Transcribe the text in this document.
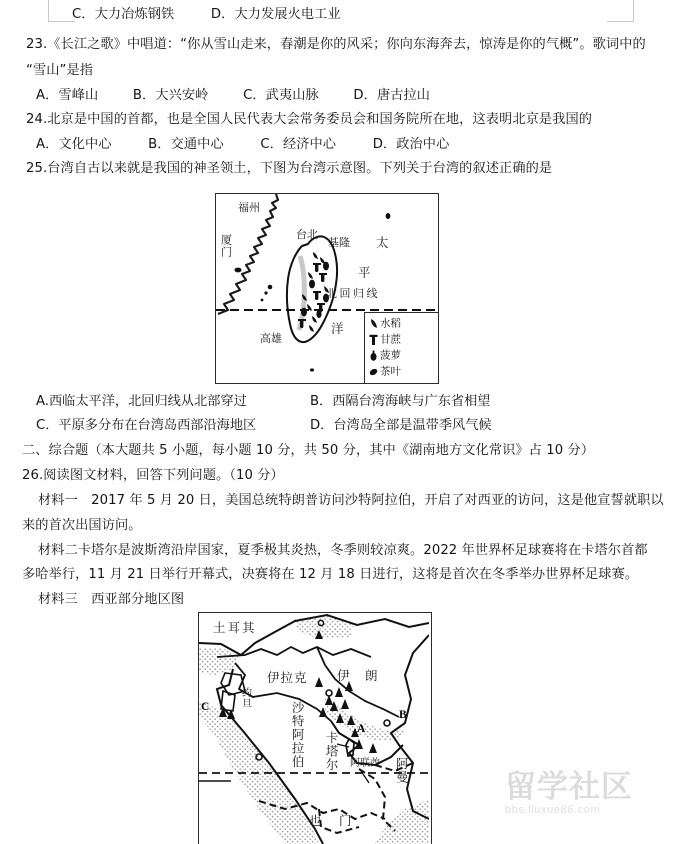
C．大力冶炼钢铁	D．大力发展火电工业
23.《长江之歌》中唱道：“你从雪山走来，春潮是你的风采；你向东海奔去，惊涛是你的气概”。歌词中的
“雪山”是指
A．雪峰山	B．大兴安岭	C．武夷山脉	D．唐古拉山
24.北京是中国的首都，也是全国人民代表大会常务委员会和国务院所在地，这表明北京是我国的
A．文化中心	B．交通中心	C．经济中心	D．政治中心
25.台湾自古以来就是我国的神圣领土，下图为台湾示意图。下列关于台湾的叙述正确的是
福州
厦门	台北
基隆
高雄
太
平
洋
北回归线
水稻
甘蔗
菠萝
茶叶
A.西临太平洋，北回归线从北部穿过	B．西隔台湾海峡与广东省相望
C．平原多分布在台湾岛西部沿海地区	D．台湾岛全部是温带季风气候
二、综合题（本大题共 5 小题，每小题 10 分，共 50 分，其中《湖南地方文化常识》占 10 分）
26.阅读图文材料，回答下列问题。（10 分）
材料一　2017 年 5 月 20 日，美国总统特朗普访问沙特阿拉伯，开启了对西亚的访问，这是他宣誓就职以
来的首次出国访问。
材料二卡塔尔是波斯湾沿岸国家，夏季极其炎热，冬季则较凉爽。2022 年世界杯足球赛将在卡塔尔首都
多哈举行，11 月 21 日举行开幕式，决赛将在 12 月 18 日进行，这将是首次在冬季举办世界杯足球赛。
材料三　西亚部分地区图
土耳其
伊拉克 伊 朗
约旦
沙特阿拉伯 卡塔尔 阿联酋 阿曼
也 门
A
B
C
留学社区
bbs.liuxue86.com
